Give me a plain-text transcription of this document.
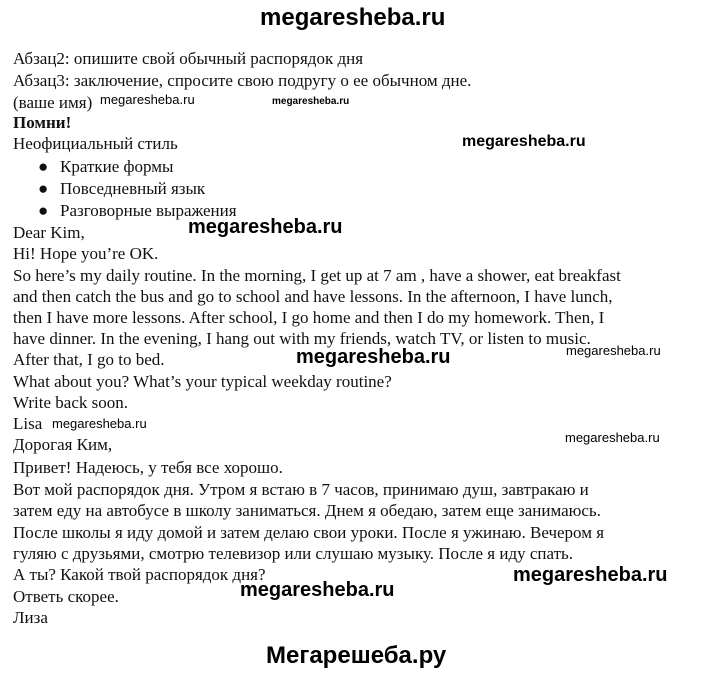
megaresheba.ru

Абзац2: опишите свой обычный распорядок дня

Абзац3: заключение, спросите свою подругу о ее обычном дне.

(ваше имя)

Помни!

Неофициальный стиль

● Краткие формы

● Повседневный язык

● Разговорные выражения

Dear Kim,

Hi! Hope you’re OK.

So here’s my daily routine. In the morning, I get up at 7 am , have a shower, eat breakfast

and then catch the bus and go to school and have lessons. In the afternoon, I have lunch,

then I have more lessons. After school, I go home and then I do my homework. Then, I

have dinner. In the evening, I hang out with my friends, watch TV, or listen to music.

After that, I go to bed.

What about you? What’s your typical weekday routine?

Write back soon.

Lisa

Дорогая Ким,

Привет! Надеюсь, у тебя все хорошо.

Вот мой распорядок дня. Утром я встаю в 7 часов, принимаю душ, завтракаю и

затем еду на автобусе в школу заниматься. Днем я обедаю, затем еще занимаюсь.

После школы я иду домой и затем делаю свои уроки. После я ужинаю. Вечером я

гуляю с друзьями, смотрю телевизор или слушаю музыку. После я иду спать.

А ты? Какой твой распорядок дня?

Ответь скорее.

Лиза

megaresheba.ru	megaresheba.ru
megaresheba.ru
megaresheba.ru
megaresheba.ru	megaresheba.ru
megaresheba.ru
megaresheba.ru
megaresheba.ru
megaresheba.ru
Мегарешеба.ру
